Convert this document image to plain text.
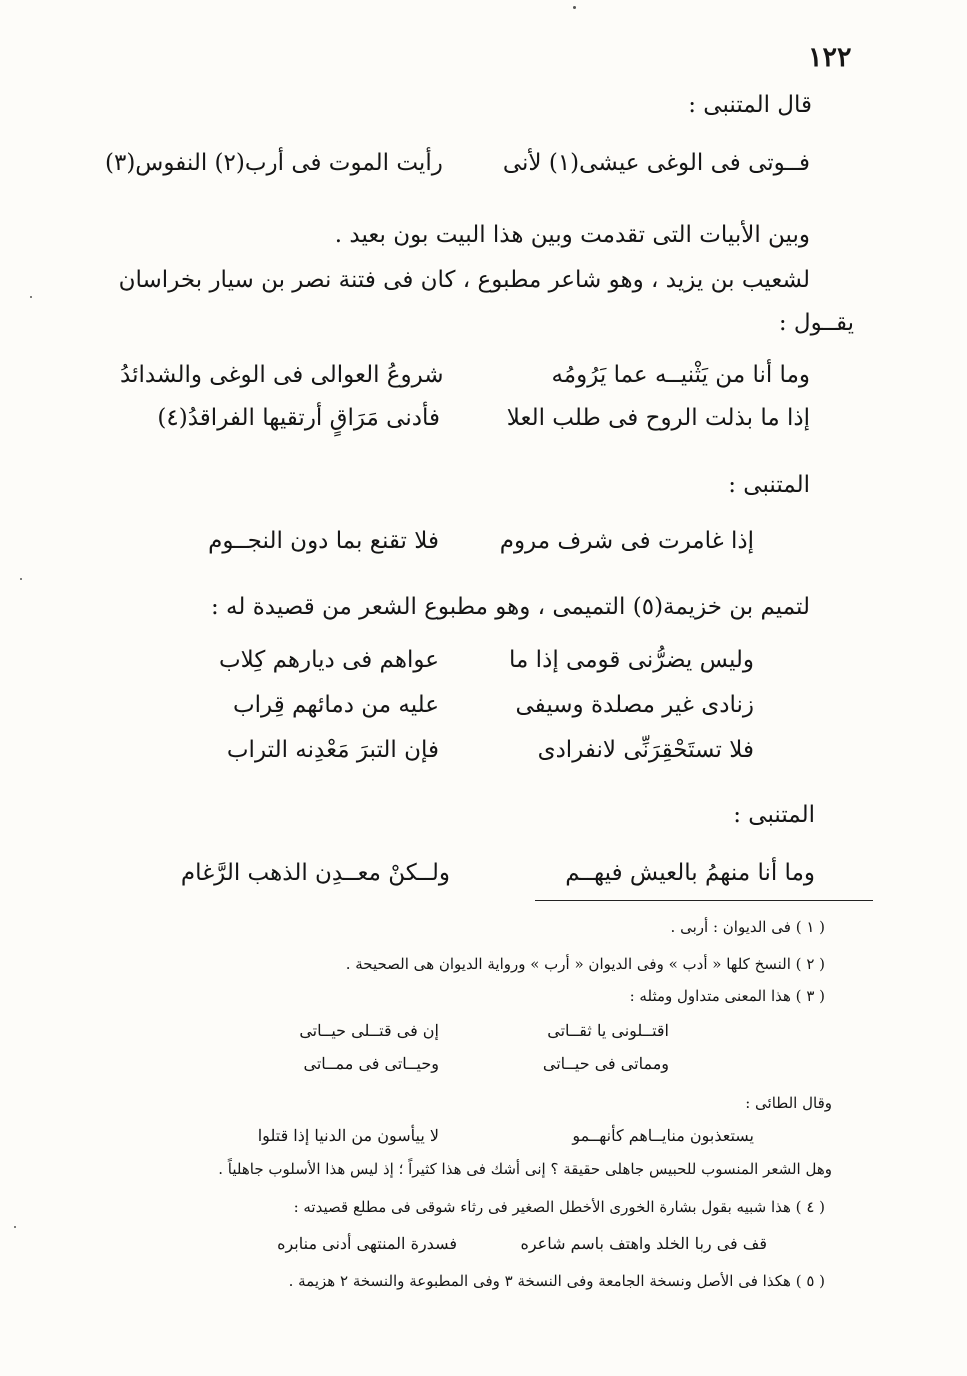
١٢٢
قال المتنبى :
فــوتى فى الوغى عيشى(١) لأنى
رأيت الموت فى أرب(٢) النفوس(٣)
وبين الأبيات التى تقدمت وبين هذا البيت بون بعيد .
لشعيب بن يزيد ، وهو شاعر مطبوع ، كان فى فتنة نصر بن سيار بخراسان
يقــول :
وما أنا من يَثْنيــه عما يَرُومُه
شروعُ العوالى فى الوغى والشدائدُ
إذا ما بذلت الروح فى طلب العلا
فأدنى مَرَاقٍ أرتقيها الفراقدُ(٤)
المتنبى :
إذا غامرت فى شرف مروم
فلا تقنع بما دون النجــوم
لتميم بن خزيمة(٥) التميمى ، وهو مطبوع الشعر من قصيدة له :
وليس يضرُّنى قومى إذا ما
عواهم فى ديارهم كِلاب
زنادى غير مصلدة وسيفى
عليه من دمائهم قِراب
فلا تستَحْقِرَنِّى لانفرادى
فإن التبرَ مَعْدِنه التراب
المتنبى :
وما أنا منهمُ بالعيش فيهــم
ولــكنْ معــدِن الذهب الرَّغام
( ١ ) فى الديوان : أربى .
( ٢ ) النسخ كلها « أدب » وفى الديوان « أرب » ورواية الديوان هى الصحيحة .
( ٣ ) هذا المعنى متداول ومثله :
اقتــلونى يا ثقــاتى
إن فى قتــلى حيــاتى
ومماتى فى حيــاتى
وحيــاتى فى ممــاتى
وقال الطائى :
يستعذبون منايــاهم كأنهــمو
لا ييأسون من الدنيا إذا قتلوا
وهل الشعر المنسوب للحبيس جاهلى حقيقة ؟ إنى أشك فى هذا كثيراً ؛ إذ ليس هذا الأسلوب جاهلياً .
( ٤ ) هذا شبيه بقول بشارة الخورى الأخطل الصغير فى رثاء شوقى فى مطلع قصيدته :
قف فى ربا الخلد واهتف باسم شاعره
فسدرة المنتهى أدنى منابره
( ٥ ) هكذا فى الأصل ونسخة الجامعة وفى النسخة ٣ وفى المطبوعة والنسخة ٢ هزيمة .
